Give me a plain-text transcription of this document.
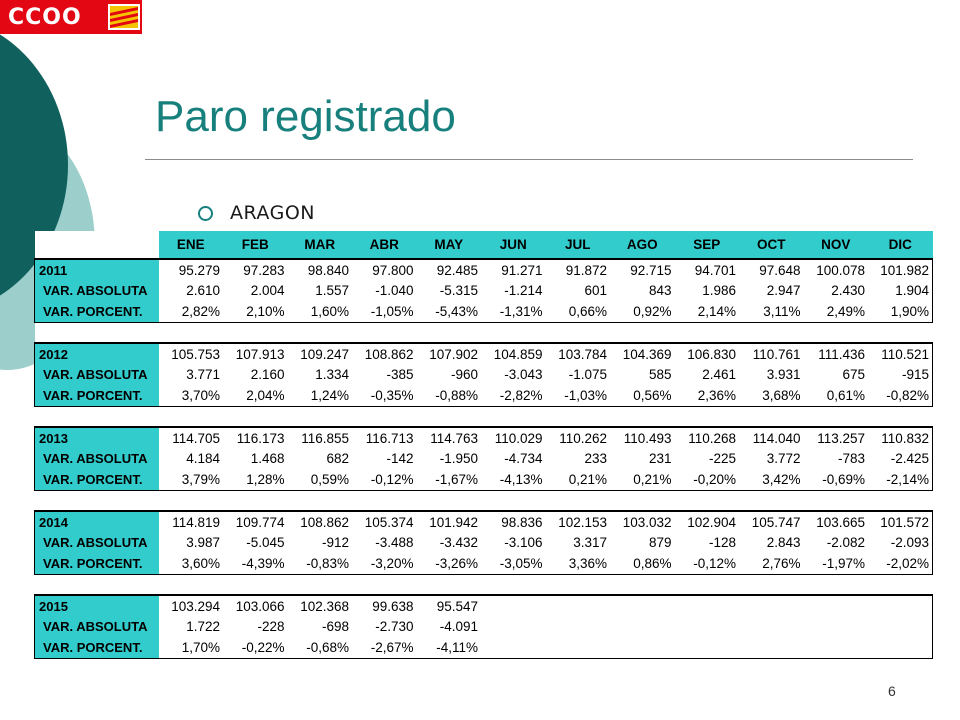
CCOO
Paro registrado
ARAGON
	ENE	FEB	MAR	ABR	MAY	JUN	JUL	AGO	SEP	OCT	NOV	DIC
2011	95.279	97.283	98.840	97.800	92.485	91.271	91.872	92.715	94.701	97.648	100.078	101.982
VAR. ABSOLUTA	2.610	2.004	1.557	-1.040	-5.315	-1.214	601	843	1.986	2.947	2.430	1.904
VAR. PORCENT.	2,82%	2,10%	1,60%	-1,05%	-5,43%	-1,31%	0,66%	0,92%	2,14%	3,11%	2,49%	1,90%

2012	105.753	107.913	109.247	108.862	107.902	104.859	103.784	104.369	106.830	110.761	111.436	110.521
VAR. ABSOLUTA	3.771	2.160	1.334	-385	-960	-3.043	-1.075	585	2.461	3.931	675	-915
VAR. PORCENT.	3,70%	2,04%	1,24%	-0,35%	-0,88%	-2,82%	-1,03%	0,56%	2,36%	3,68%	0,61%	-0,82%

2013	114.705	116.173	116.855	116.713	114.763	110.029	110.262	110.493	110.268	114.040	113.257	110.832
VAR. ABSOLUTA	4.184	1.468	682	-142	-1.950	-4.734	233	231	-225	3.772	-783	-2.425
VAR. PORCENT.	3,79%	1,28%	0,59%	-0,12%	-1,67%	-4,13%	0,21%	0,21%	-0,20%	3,42%	-0,69%	-2,14%

2014	114.819	109.774	108.862	105.374	101.942	98.836	102.153	103.032	102.904	105.747	103.665	101.572
VAR. ABSOLUTA	3.987	-5.045	-912	-3.488	-3.432	-3.106	3.317	879	-128	2.843	-2.082	-2.093
VAR. PORCENT.	3,60%	-4,39%	-0,83%	-3,20%	-3,26%	-3,05%	3,36%	0,86%	-0,12%	2,76%	-1,97%	-2,02%

2015	103.294	103.066	102.368	99.638	95.547							
VAR. ABSOLUTA	1.722	-228	-698	-2.730	-4.091							
VAR. PORCENT.	1,70%	-0,22%	-0,68%	-2,67%	-4,11%							
6
